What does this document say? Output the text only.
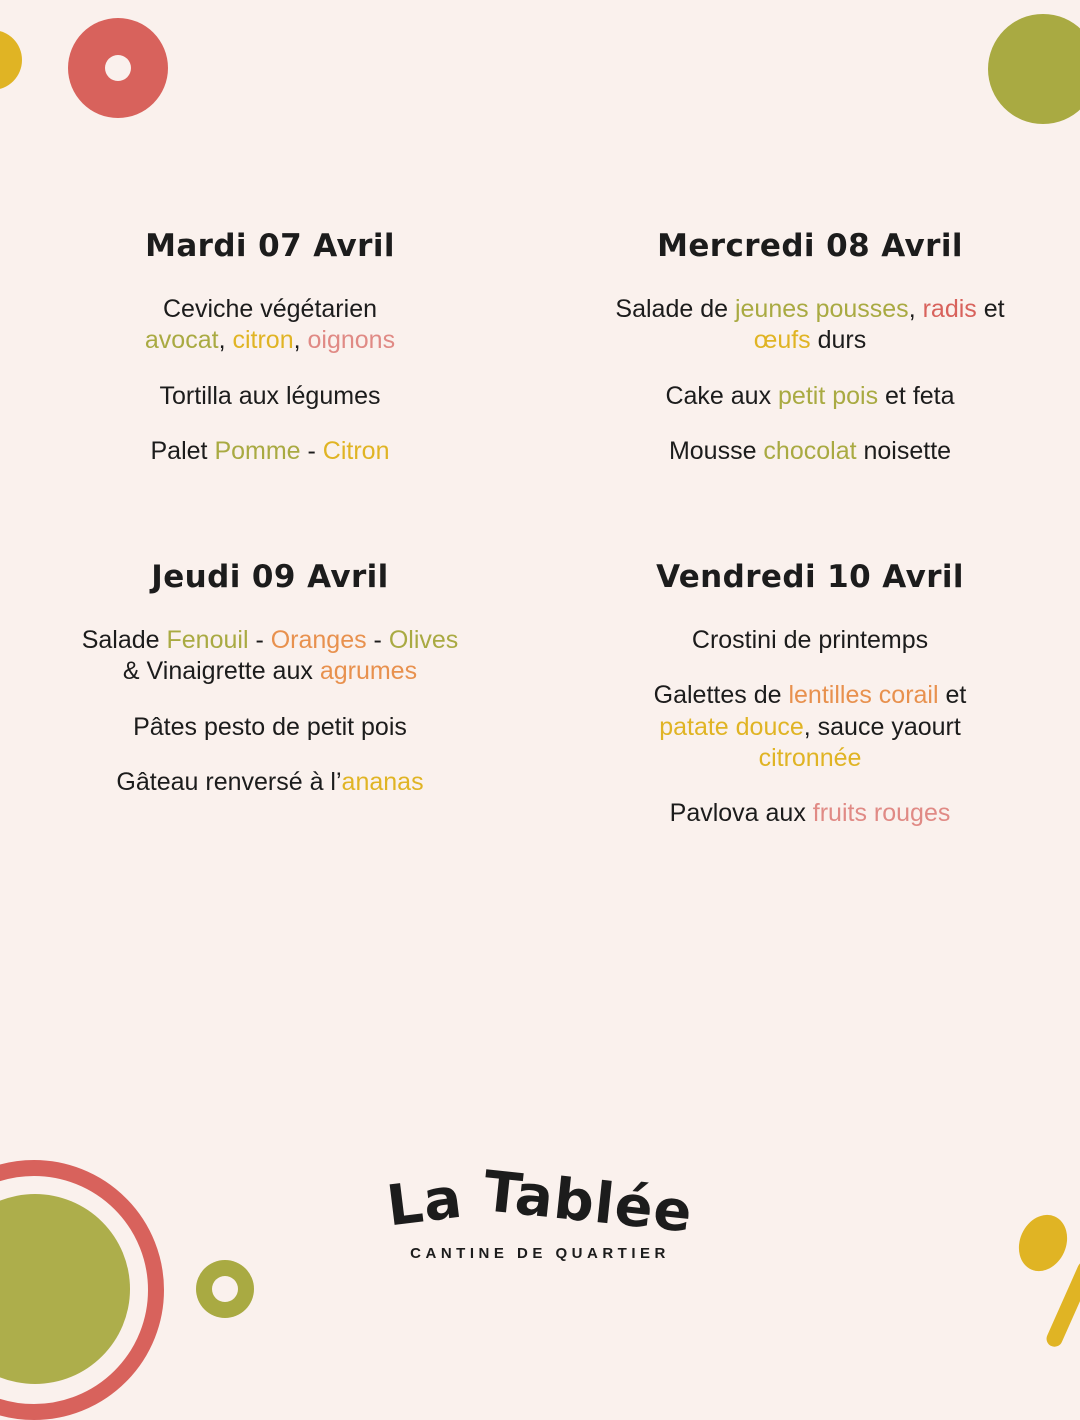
Mardi 07 Avril
Ceviche végétarien
avocat, citron, oignons
Tortilla aux légumes
Palet Pomme - Citron
Mercredi 08 Avril
Salade de jeunes pousses, radis et
œufs durs
Cake aux petit pois et feta
Mousse chocolat noisette
Jeudi 09 Avril
Salade Fenouil - Oranges - Olives
& Vinaigrette aux agrumes
Pâtes pesto de petit pois
Gâteau renversé à l’ananas
Vendredi 10 Avril
Crostini de printemps
Galettes de lentilles corail et
patate douce, sauce yaourt
citronnée
Pavlova aux fruits rouges
La Tablée
CANTINE DE QUARTIER
